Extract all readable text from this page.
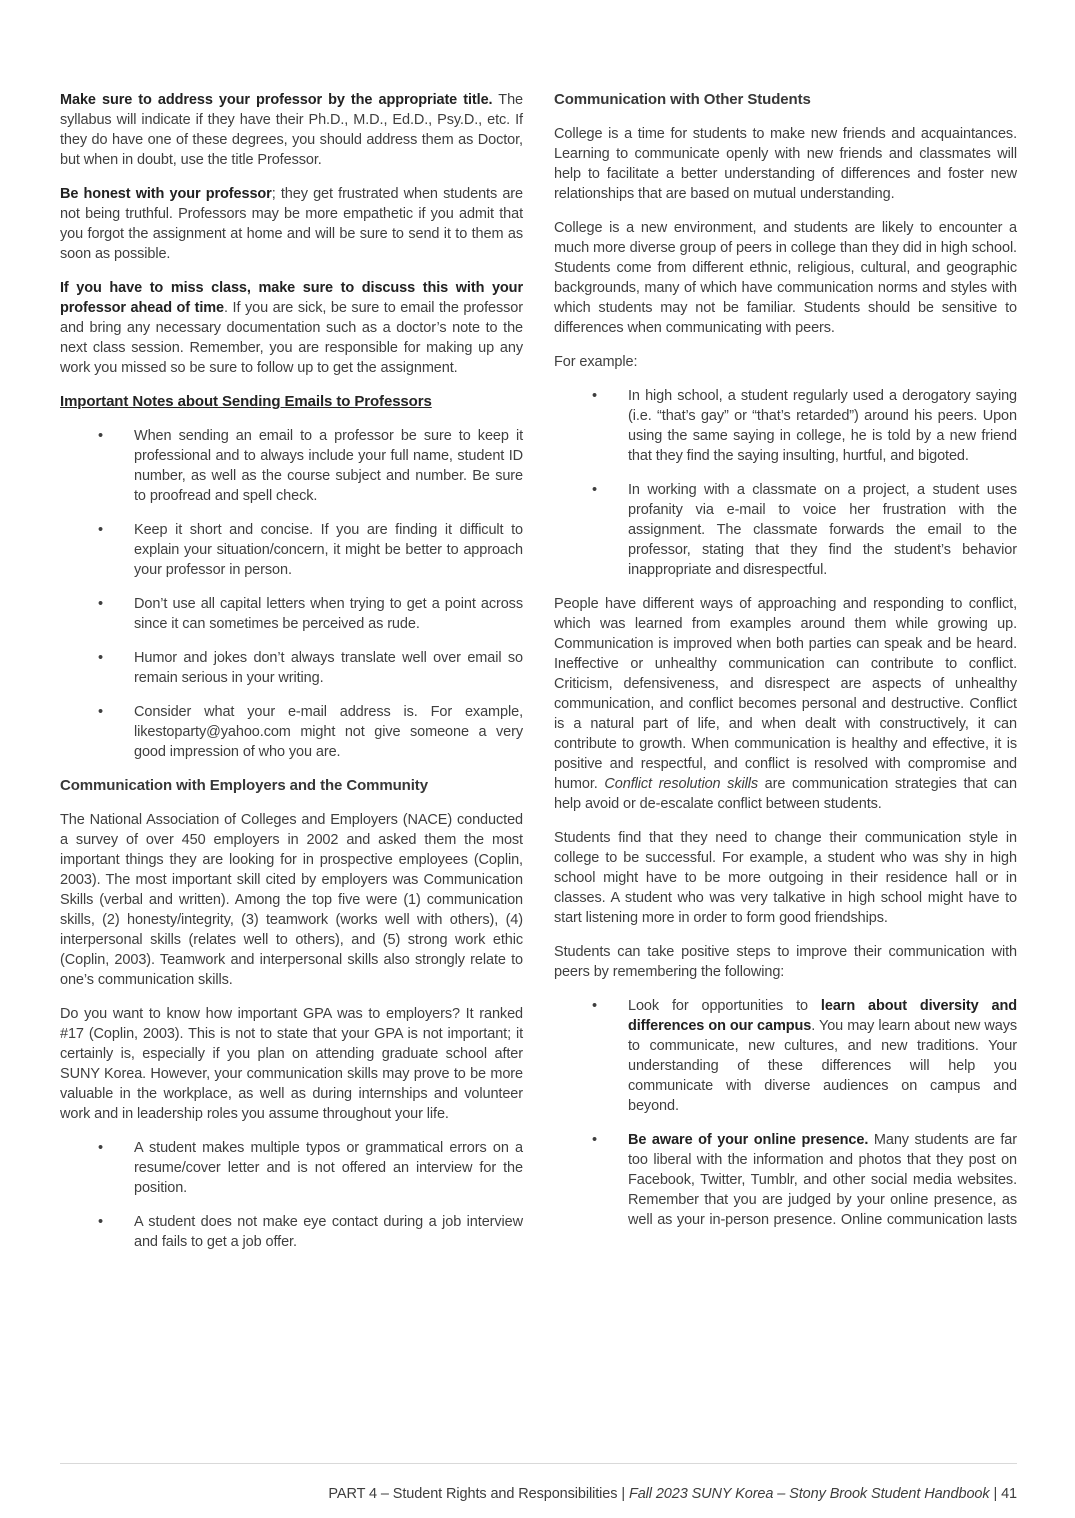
Make sure to address your professor by the appropriate title. The syllabus will indicate if they have their Ph.D., M.D., Ed.D., Psy.D., etc. If they do have one of these degrees, you should address them as Doctor, but when in doubt, use the title Professor.

Be honest with your professor; they get frustrated when students are not being truthful. Professors may be more empathetic if you admit that you forgot the assignment at home and will be sure to send it to them as soon as possible.

If you have to miss class, make sure to discuss this with your professor ahead of time. If you are sick, be sure to email the professor and bring any necessary documentation such as a doctor’s note to the next class session. Remember, you are responsible for making up any work you missed so be sure to follow up to get the assignment.

Important Notes about Sending Emails to Professors
• When sending an email to a professor be sure to keep it professional and to always include your full name, student ID number, as well as the course subject and number. Be sure to proofread and spell check.
• Keep it short and concise. If you are finding it difficult to explain your situation/concern, it might be better to approach your professor in person.
• Don’t use all capital letters when trying to get a point across since it can sometimes be perceived as rude.
• Humor and jokes don’t always translate well over email so remain serious in your writing.
• Consider what your e-mail address is. For example, likestoparty@yahoo.com might not give someone a very good impression of who you are.
Communication with Employers and the Community

The National Association of Colleges and Employers (NACE) conducted a survey of over 450 employers in 2002 and asked them the most important things they are looking for in prospective employees (Coplin, 2003). The most important skill cited by employers was Communication Skills (verbal and written). Among the top five were (1) communication skills, (2) honesty/integrity, (3) teamwork (works well with others), (4) interpersonal skills (relates well to others), and (5) strong work ethic (Coplin, 2003). Teamwork and interpersonal skills also strongly relate to one’s communication skills.

Do you want to know how important GPA was to employers? It ranked #17 (Coplin, 2003). This is not to state that your GPA is not important; it certainly is, especially if you plan on attending graduate school after SUNY Korea. However, your communication skills may prove to be more valuable in the workplace, as well as during internships and volunteer work and in leadership roles you assume throughout your life.

• A student makes multiple typos or grammatical errors on a resume/cover letter and is not offered an interview for the position.
• A student does not make eye contact during a job interview and fails to get a job offer.
Communication with Other Students

College is a time for students to make new friends and acquaintances. Learning to communicate openly with new friends and classmates will help to facilitate a better understanding of differences and foster new relationships that are based on mutual understanding.

College is a new environment, and students are likely to encounter a much more diverse group of peers in college than they did in high school. Students come from different ethnic, religious, cultural, and geographic backgrounds, many of which have communication norms and styles with which students may not be familiar. Students should be sensitive to differences when communicating with peers.

For example:

• In high school, a student regularly used a derogatory saying (i.e. “that’s gay” or “that’s retarded”) around his peers. Upon using the same saying in college, he is told by a new friend that they find the saying insulting, hurtful, and bigoted.
• In working with a classmate on a project, a student uses profanity via e-mail to voice her frustration with the assignment. The classmate forwards the email to the professor, stating that they find the student’s behavior inappropriate and disrespectful.

People have different ways of approaching and responding to conflict, which was learned from examples around them while growing up. Communication is improved when both parties can speak and be heard. Ineffective or unhealthy communication can contribute to conflict. Criticism, defensiveness, and disrespect are aspects of unhealthy communication, and conflict becomes personal and destructive. Conflict is a natural part of life, and when dealt with constructively, it can contribute to growth. When communication is healthy and effective, it is positive and respectful, and conflict is resolved with compromise and humor. Conflict resolution skills are communication strategies that can help avoid or de-escalate conflict between students.

Students find that they need to change their communication style in college to be successful. For example, a student who was shy in high school might have to be more outgoing in their residence hall or in classes. A student who was very talkative in high school might have to start listening more in order to form good friendships.

Students can take positive steps to improve their communication with peers by remembering the following:

• Look for opportunities to learn about diversity and differences on our campus. You may learn about new ways to communicate, new cultures, and new traditions. Your understanding of these differences will help you communicate with diverse audiences on campus and beyond.
• Be aware of your online presence. Many students are far too liberal with the information and photos that they post on Facebook, Twitter, Tumblr, and other social media websites. Remember that you are judged by your online presence, as well as your in-person presence. Online communication lasts
PART 4 – Student Rights and Responsibilities | Fall 2023 SUNY Korea – Stony Brook Student Handbook | 41
